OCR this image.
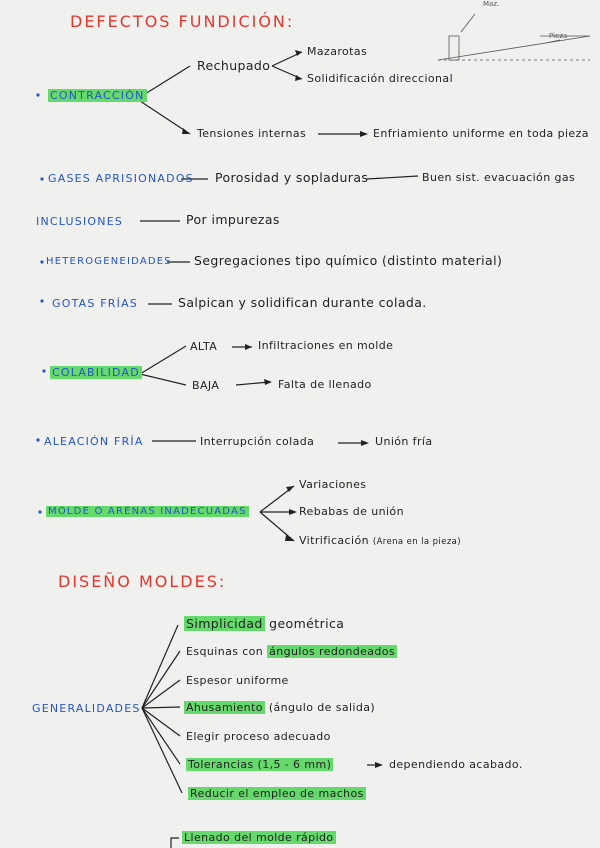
DEFECTOS FUNDICIÓN:
Maz.
Pieza
CONTRACCIÓN
Rechupado
Mazarotas
Solidificación direccional
Tensiones internas	Enfriamiento uniforme en toda pieza
GASES APRISIONADOS Porosidad y sopladuras	Buen sist. evacuación gas
INCLUSIONES	Por impurezas
HETEROGENEIDADES Segregaciones tipo químico (distinto material)
GOTAS FRÍAS	Salpican y solidifican durante colada.
COLABILIDAD
ALTA	Infiltraciones en molde
BAJA	Falta de llenado
ALEACIÓN FRÍA	Interrupción colada	Unión fría
MOLDE O ARENAS INADECUADAS
Variaciones
Rebabas de unión
Vitrificación (Arena en la pieza)
DISEÑO MOLDES:
GENERALIDADES
Simplicidad geométrica
Esquinas con ángulos redondeados
Espesor uniforme
Ahusamiento (ángulo de salida)
Elegir proceso adecuado
Tolerancias (1,5 - 6 mm)	dependiendo acabado.
Reducir el empleo de machos
Llenado del molde rápido
